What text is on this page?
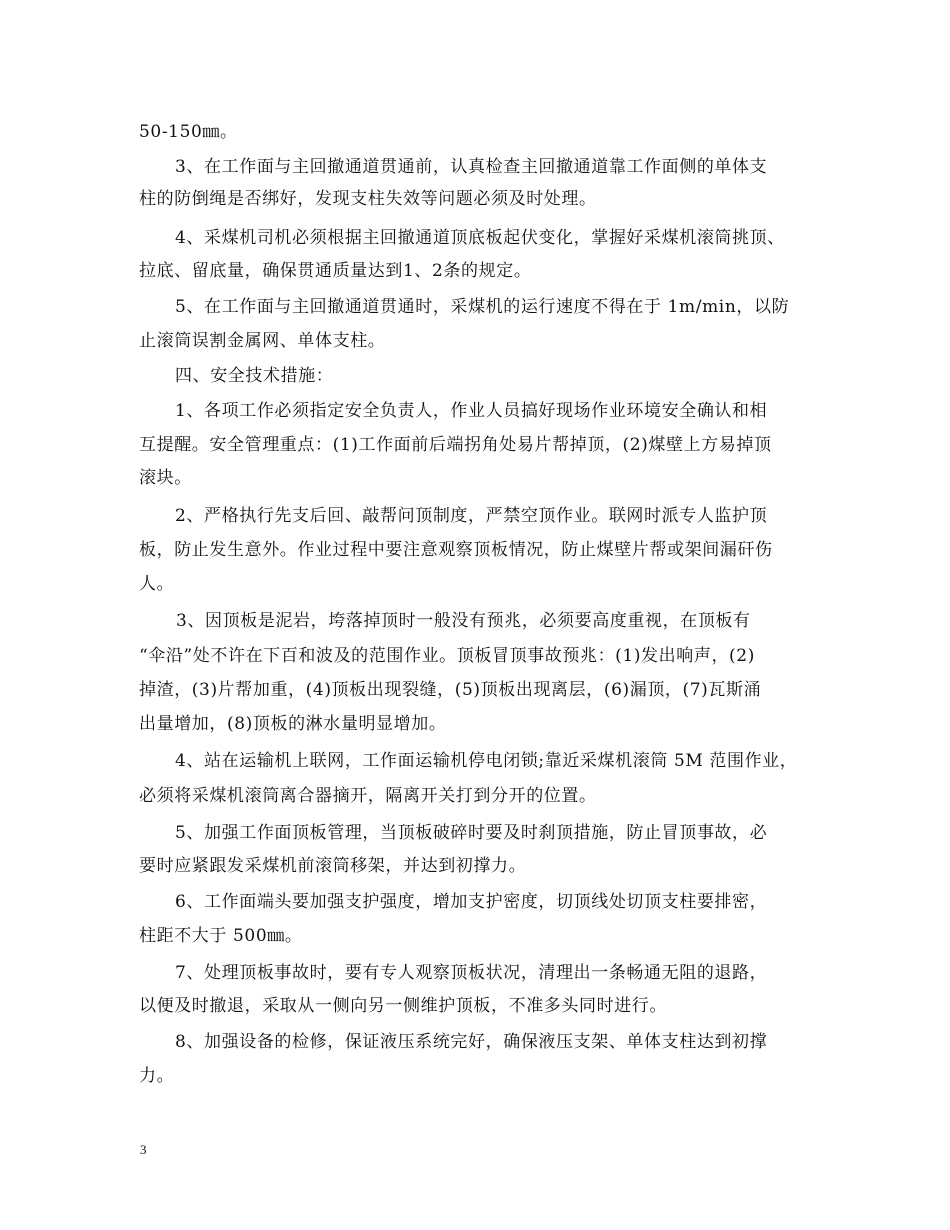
50-150㎜。
3、在工作面与主回撤通道贯通前，认真检查主回撤通道靠工作面侧的单体支
柱的防倒绳是否绑好，发现支柱失效等问题必须及时处理。
4、采煤机司机必须根据主回撤通道顶底板起伏变化，掌握好采煤机滚筒挑顶、
拉底、留底量，确保贯通质量达到1、2条的规定。
5、在工作面与主回撤通道贯通时，采煤机的运行速度不得在于 1m/min，以防
止滚筒误割金属网、单体支柱。
四、安全技术措施：
1、各项工作必须指定安全负责人，作业人员搞好现场作业环境安全确认和相
互提醒。安全管理重点：(1)工作面前后端拐角处易片帮掉顶，(2)煤壁上方易掉顶
滚块。
2、严格执行先支后回、敲帮问顶制度，严禁空顶作业。联网时派专人监护顶
板，防止发生意外。作业过程中要注意观察顶板情况，防止煤壁片帮或架间漏矸伤
人。
3、因顶板是泥岩，垮落掉顶时一般没有预兆，必须要高度重视，在顶板有
“伞沿”处不许在下百和波及的范围作业。顶板冒顶事故预兆：(1)发出响声，(2)
掉渣，(3)片帮加重，(4)顶板出现裂缝，(5)顶板出现离层，(6)漏顶，(7)瓦斯涌
出量增加，(8)顶板的淋水量明显增加。
4、站在运输机上联网，工作面运输机停电闭锁;靠近采煤机滚筒 5M 范围作业，
必须将采煤机滚筒离合器摘开，隔离开关打到分开的位置。
5、加强工作面顶板管理，当顶板破碎时要及时刹顶措施，防止冒顶事故，必
要时应紧跟发采煤机前滚筒移架，并达到初撑力。
6、工作面端头要加强支护强度，增加支护密度，切顶线处切顶支柱要排密，
柱距不大于 500㎜。
7、处理顶板事故时，要有专人观察顶板状况，清理出一条畅通无阻的退路，
以便及时撤退，采取从一侧向另一侧维护顶板，不准多头同时进行。
8、加强设备的检修，保证液压系统完好，确保液压支架、单体支柱达到初撑
力。
3
